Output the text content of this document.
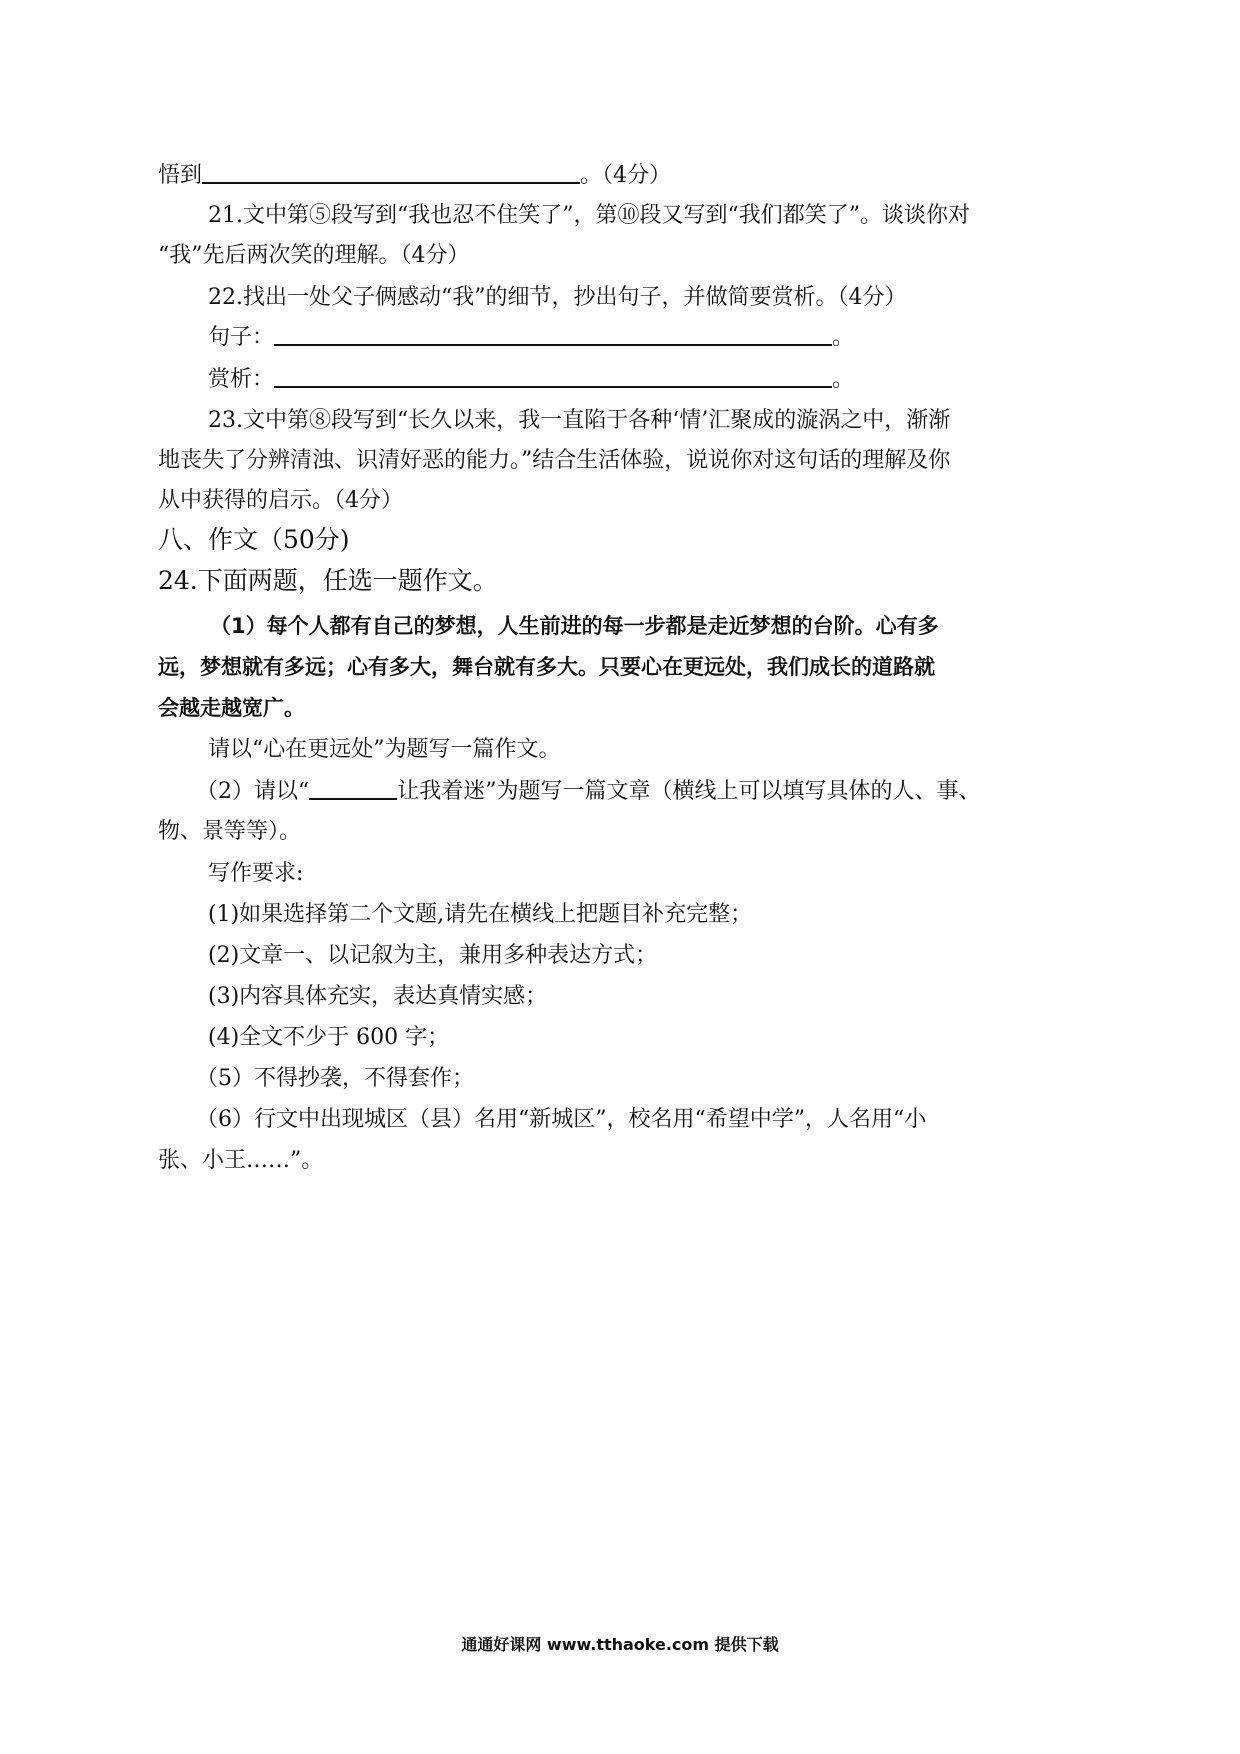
悟到	。（4分）
21.文中第⑤段写到“我也忍不住笑了”，第⑩段又写到“我们都笑了”。谈谈你对
“我”先后两次笑的理解。（4分）
22.找出一处父子俩感动“我”的细节，抄出句子，并做简要赏析。（4分）
句子：	。
赏析：	。
23.文中第⑧段写到“长久以来，我一直陷于各种‘情’汇聚成的漩涡之中，渐渐
地丧失了分辨清浊、识清好恶的能力。”结合生活体验，说说你对这句话的理解及你
从中获得的启示。（4分）
八、作文（50分)
24.下面两题，任选一题作文。
（1）每个人都有自己的梦想，人生前进的每一步都是走近梦想的台阶。心有多
远，梦想就有多远；心有多大，舞台就有多大。只要心在更远处，我们成长的道路就
会越走越宽广。
请以“心在更远处”为题写一篇作文。
（2）请以“	让我着迷”为题写一篇文章（横线上可以填写具体的人、事、
物、景等等）。
写作要求:
(1)如果选择第二个文题,请先在横线上把题目补充完整；
(2)文章一、以记叙为主，兼用多种表达方式；
(3)内容具体充实，表达真情实感；
(4)全文不少于 600 字；
（5）不得抄袭，不得套作；
（6）行文中出现城区（县）名用“新城区”，校名用“希望中学”，人名用“小
张、小王……”。
通通好课网 www.tthaoke.com 提供下载
